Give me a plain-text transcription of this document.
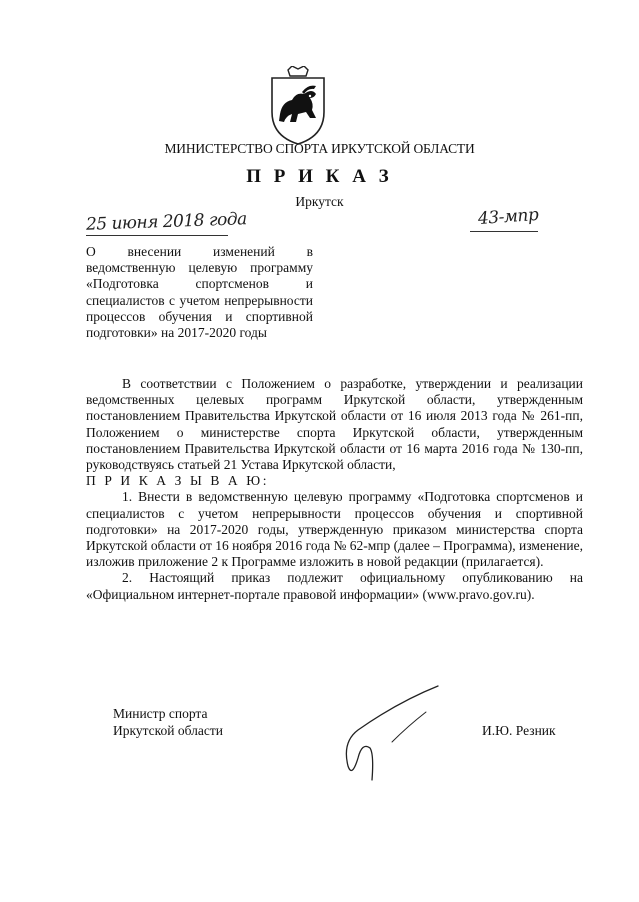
МИНИСТЕРСТВО СПОРТА ИРКУТСКОЙ ОБЛАСТИ
П Р И К А З
Иркутск
25 июня 2018 года	43-мпр
О внесении изменений в ведомственную целевую программу «Подготовка спортсменов и специалистов с учетом непрерывности процессов обучения и спортивной подготовки» на 2017-2020 годы

В соответствии с Положением о разработке, утверждении и реализации ведомственных целевых программ Иркутской области, утвержденным постановлением Правительства Иркутской области от 16 июля 2013 года № 261-пп, Положением о министерстве спорта Иркутской области, утвержденным постановлением Правительства Иркутской области от 16 марта 2016 года № 130-пп, руководствуясь статьей 21 Устава Иркутской области,

П Р И К А З Ы В А Ю:

1. Внести в ведомственную целевую программу «Подготовка спортсменов и специалистов с учетом непрерывности процессов обучения и спортивной подготовки» на 2017-2020 годы, утвержденную приказом министерства спорта Иркутской области от 16 ноября 2016 года № 62-мпр (далее – Программа), изменение, изложив приложение 2 к Программе изложить в новой редакции (прилагается).

2. Настоящий приказ подлежит официальному опубликованию на «Официальном интернет-портале правовой информации» (www.pravo.gov.ru).

Министр спорта
Иркутской области	И.Ю. Резник
